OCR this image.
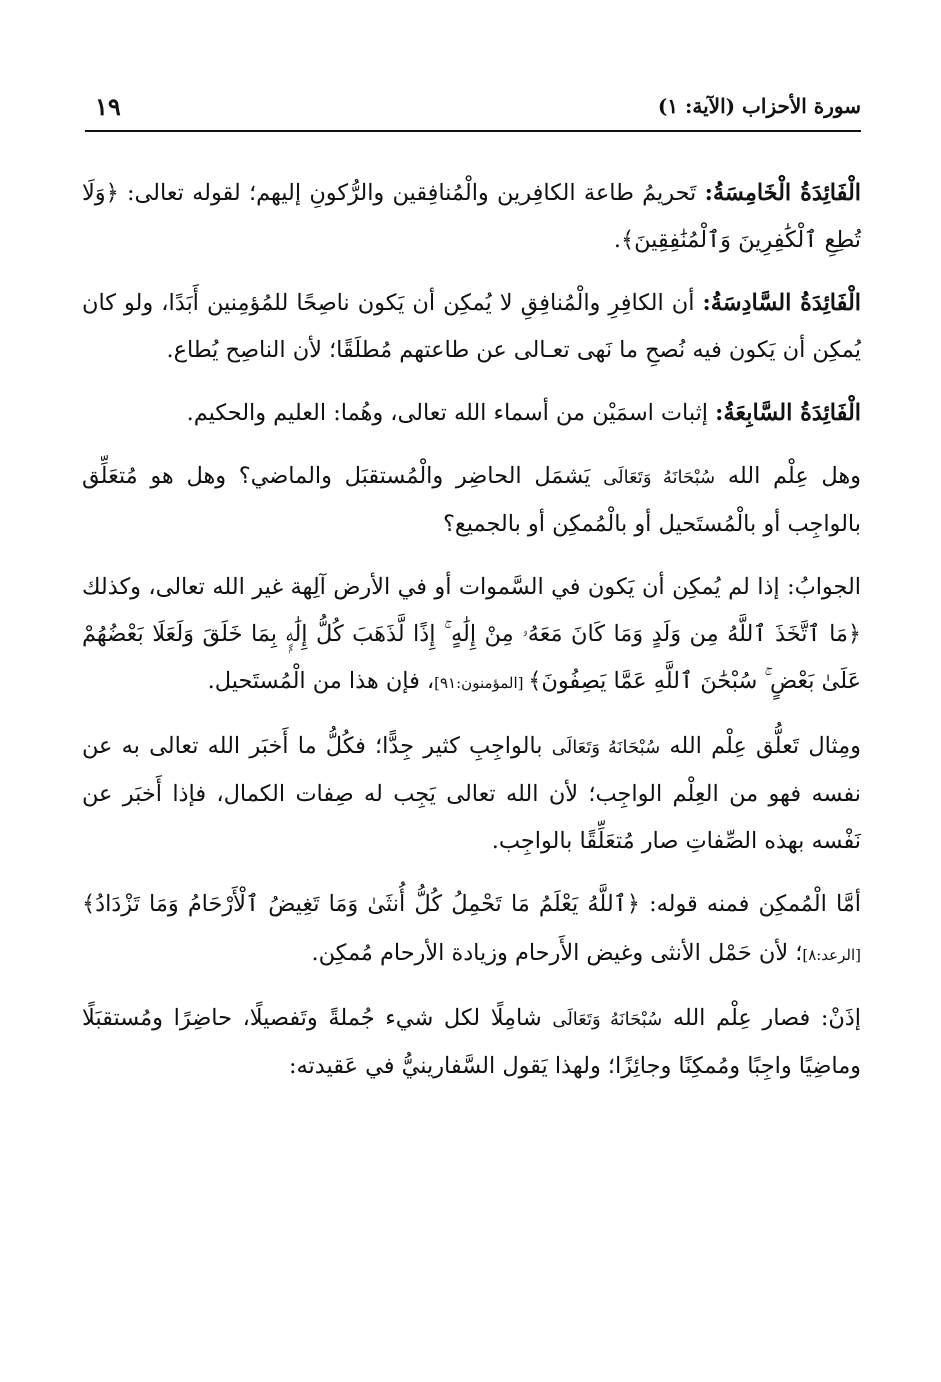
سورة الأحزاب (الآية: ١)
١٩

الْفَائِدَةُ الْخَامِسَةُ: تَحريمُ طاعة الكافِرين والْمُنافِقين والرُّكونِ إليهم؛ لقوله تعالى: ﴿وَلَا تُطِعِ ٱلْكَٰفِرِينَ وَٱلْمُنَٰفِقِينَ﴾.

الْفَائِدَةُ السَّادِسَةُ: أن الكافِرِ والْمُنافِقِ لا يُمكِن أن يَكون ناصِحًا للمُؤمِنين أَبَدًا، ولو كان يُمكِن أن يَكون فيه نُصحِ ما نَهى تعـالى عن طاعتهم مُطلَقًا؛ لأن الناصِح يُطاع.

الْفَائِدَةُ السَّابِعَةُ: إثبات اسمَيْن من أسماء الله تعالى، وهُما: العليم والحكيم.

وهل عِلْم الله سُبْحَانَهُ وَتَعَالَى يَشمَل الحاضِر والْمُستقبَل والماضي؟ وهل هو مُتعَلِّق بالواجِب أو بالْمُستَحيل أو بالْمُمكِن أو بالجميع؟

الجوابُ: إذا لم يُمكِن أن يَكون في السَّموات أو في الأرض آلِهة غير الله تعالى، وكذلك ﴿مَا ٱتَّخَذَ ٱللَّهُ مِن وَلَدٍ وَمَا كَانَ مَعَهُۥ مِنْ إِلَٰهٍ ۚ إِذًا لَّذَهَبَ كُلُّ إِلَٰهٍۭ بِمَا خَلَقَ وَلَعَلَا بَعْضُهُمْ عَلَىٰ بَعْضٍ ۚ سُبْحَٰنَ ٱللَّهِ عَمَّا يَصِفُونَ﴾ [المؤمنون:٩١]، فإن هذا من الْمُستَحيل.

ومِثال تَعلُّق عِلْم الله سُبْحَانَهُ وَتَعَالَى بالواجِبِ كثير جِدًّا؛ فكُلُّ ما أَخبَر الله تعالى به عن نفسه فهو من العِلْم الواجِب؛ لأن الله تعالى يَجِب له صِفات الكمال، فإذا أَخبَر عن نَفْسه بهذه الصِّفاتِ صار مُتعَلِّقًا بالواجِب.

أمَّا الْمُمكِن فمنه قوله: ﴿ٱللَّهُ يَعْلَمُ مَا تَحْمِلُ كُلُّ أُنثَىٰ وَمَا تَغِيضُ ٱلْأَرْحَامُ وَمَا تَزْدَادُ﴾ [الرعد:٨]؛ لأن حَمْل الأنثى وغيض الأَرحام وزيادة الأرحام مُمكِن.

إذَنْ: فصار عِلْم الله سُبْحَانَهُ وَتَعَالَى شامِلًا لكل شيء جُملةً وتَفصيلًا، حاضِرًا ومُستقبَلًا وماضِيًا واجِبًا ومُمكِنًا وجائِزًا؛ ولهذا يَقول السَّفارينيُّ في عَقيدته:
